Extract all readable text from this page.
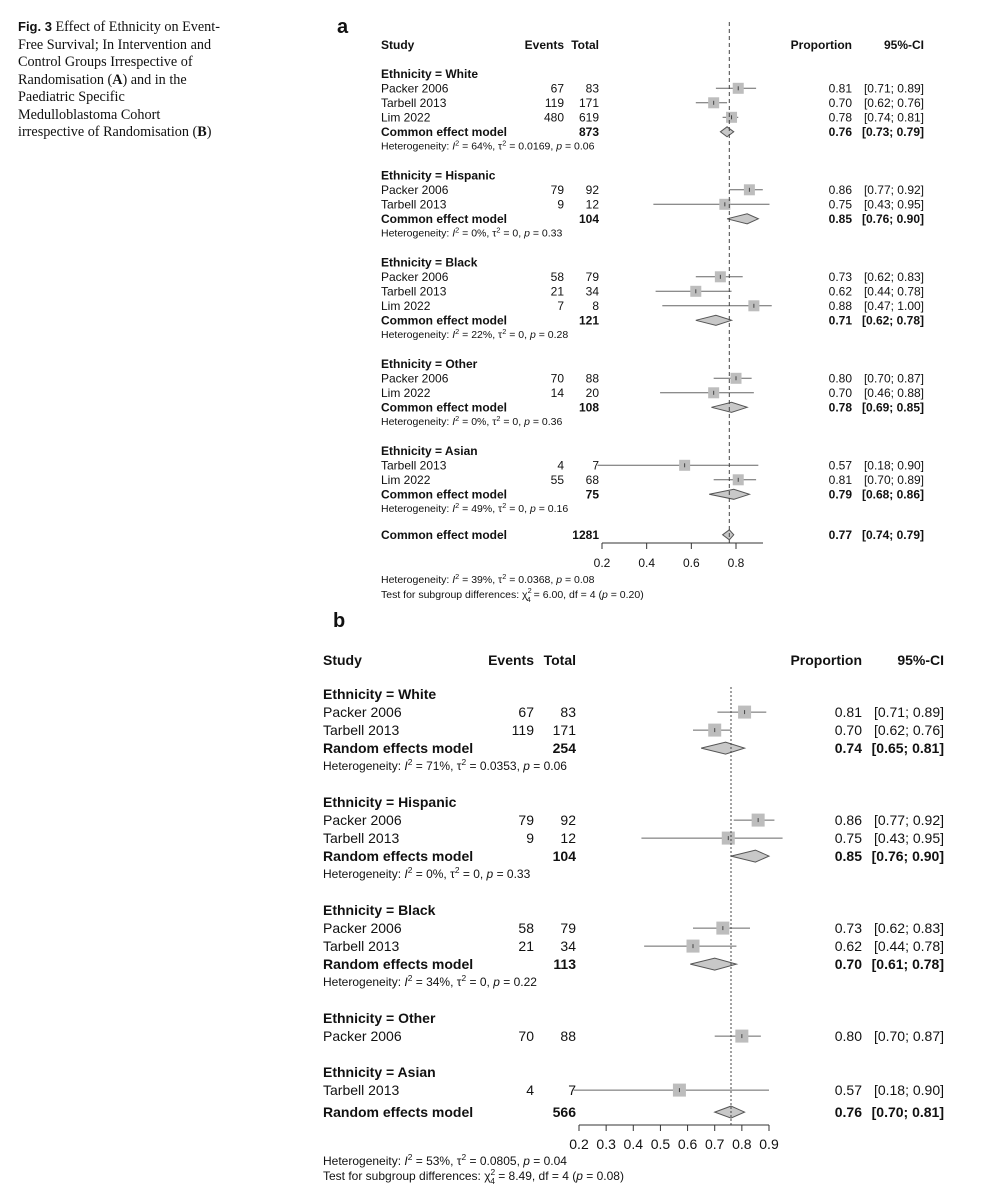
Fig. 3 Effect of Ethnicity on Event-Free Survival; In Intervention and Control Groups Irrespective of Randomisation (A) and in the Paediatric Specific Medulloblastoma Cohort irrespective of Randomisation (B)
a
Study	Events Total	Proportion	95%-CI
Ethnicity = White
Packer 2006	67 83	0.81 [0.71; 0.89]
Tarbell 2013	119 171	0.70 [0.62; 0.76]
Lim 2022	480 619	0.78 [0.74; 0.81]
Common effect model	873	0.76 [0.73; 0.79]
Heterogeneity: $I^2 = 64\%$, $\tau^2 = 0.0169$, p = 0.06
Ethnicity = Hispanic
Packer 2006	79 92	0.86 [0.77; 0.92]
Tarbell 2013	9 12	0.75 [0.43; 0.95]
Common effect model	104	0.85 [0.76; 0.90]
Heterogeneity: $I^2 = 0\%$, $\tau^2 = 0$, p = 0.33
Ethnicity = Black
Packer 2006	58 79	0.73 [0.62; 0.83]
Tarbell 2013	21 34	0.62 [0.44; 0.78]
Lim 2022	7 8	0.88 [0.47; 1.00]
Common effect model	121	0.71 [0.62; 0.78]
Heterogeneity: $I^2 = 22\%$, $\tau^2 = 0$, p = 0.28
Ethnicity = Other
Packer 2006	70 88	0.80 [0.70; 0.87]
Lim 2022	14 20	0.70 [0.46; 0.88]
Common effect model	108	0.78 [0.69; 0.85]
Heterogeneity: $I^2 = 0\%$, $\tau^2 = 0$, p = 0.36
Ethnicity = Asian
Tarbell 2013	4 7	0.57 [0.18; 0.90]
Lim 2022	55 68	0.81 [0.70; 0.89]
Common effect model	75	0.79 [0.68; 0.86]
Heterogeneity: $I^2 = 49\%$, $\tau^2 = 0$, p = 0.16
Common effect model	1281	0.77 [0.74; 0.79]
0.2 0.4 0.6 0.8
Heterogeneity: $I^2 = 39\%$, $\tau^2 = 0.0368$, p = 0.08
Test for subgroup differences: $\chi^2$ 4 = 6.00, df = 4 (p = 0.20)
b
Study	Events Total	Proportion	95%-CI
Ethnicity = White
Packer 2006	67 83	0.81 [0.71; 0.89]
Tarbell 2013	119 171	0.70 [0.62; 0.76]
Random effects model	254	0.74 [0.65; 0.81]
Heterogeneity: $I^2 = 71\%$, $\tau^2 = 0.0353$, p = 0.06
Ethnicity = Hispanic
Packer 2006	79 92	0.86 [0.77; 0.92]
Tarbell 2013	9 12	0.75 [0.43; 0.95]
Random effects model	104	0.85 [0.76; 0.90]
Heterogeneity: $I^2 = 0\%$, $\tau^2 = 0$, p = 0.33
Ethnicity = Black
Packer 2006	58 79	0.73 [0.62; 0.83]
Tarbell 2013	21 34	0.62 [0.44; 0.78]
Random effects model	113	0.70 [0.61; 0.78]
Heterogeneity: $I^2 = 34\%$, $\tau^2 = 0$, p = 0.22
Ethnicity = Other
Packer 2006	70 88	0.80 [0.70; 0.87]
Ethnicity = Asian
Tarbell 2013	4 7	0.57 [0.18; 0.90]
Random effects model	566	0.76 [0.70; 0.81]
0.2 0.3 0.4 0.5 0.6 0.7 0.8 0.9
Heterogeneity: $I^2 = 53\%$, $\tau^2 = 0.0805$, p = 0.04
Test for subgroup differences: $\chi^2$ 4 = 8.49, df = 4 (p = 0.08)
